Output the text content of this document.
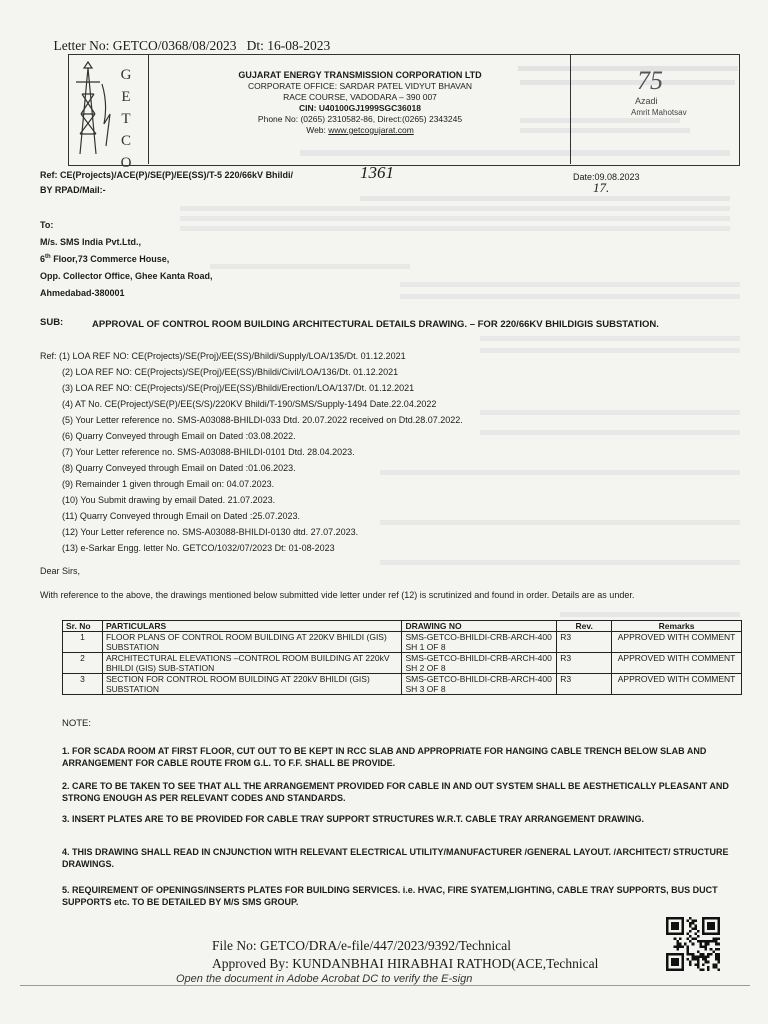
Letter No: GETCO/0368/08/2023 Dt: 16-08-2023

G
E
T
C
O
GUJARAT ENERGY TRANSMISSION CORPORATION LTD
CORPORATE OFFICE: SARDAR PATEL VIDYUT BHAVAN
RACE COURSE, VADODARA – 390 007
CIN: U40100GJ1999SGC36018
Phone No: (0265) 2310582-86, Direct:(0265) 2343245
Web: www.getcogujarat.com
75
Azadi
Amrit Mahotsav
Ref: CE(Projects)/ACE(P)/SE(P)/EE(SS)/T-5 220/66kV Bhildi/	1361	Date:09.08.2023
17.
BY RPAD/Mail:-
To:
M/s. SMS India Pvt.Ltd.,
6th Floor,73 Commerce House,
Opp. Collector Office, Ghee Kanta Road,
Ahmedabad-380001
SUB:	APPROVAL OF CONTROL ROOM BUILDING ARCHITECTURAL DETAILS DRAWING. – FOR 220/66KV BHILDIGIS SUBSTATION.
Ref: (1) LOA REF NO: CE(Projects)/SE(Proj)/EE(SS)/Bhildi/Supply/LOA/135/Dt. 01.12.2021
(2) LOA REF NO: CE(Projects)/SE(Proj)/EE(SS)/Bhildi/Civil/LOA/136/Dt. 01.12.2021
(3) LOA REF NO: CE(Projects)/SE(Proj)/EE(SS)/Bhildi/Erection/LOA/137/Dt. 01.12.2021
(4) AT No. CE(Project)/SE(P)/EE(S/S)/220KV Bhildi/T-190/SMS/Supply-1494 Date.22.04.2022
(5) Your Letter reference no. SMS-A03088-BHILDI-033 Dtd. 20.07.2022 received on Dtd.28.07.2022.
(6) Quarry Conveyed through Email on Dated :03.08.2022.
(7) Your Letter reference no. SMS-A03088-BHILDI-0101 Dtd. 28.04.2023.
(8) Quarry Conveyed through Email on Dated :01.06.2023.
(9) Remainder 1 given through Email on: 04.07.2023.
(10) You Submit drawing by email Dated. 21.07.2023.
(11) Quarry Conveyed through Email on Dated :25.07.2023.
(12) Your Letter reference no. SMS-A03088-BHILDI-0130 dtd. 27.07.2023.
(13) e-Sarkar Engg. letter No. GETCO/1032/07/2023 Dt: 01-08-2023
Dear Sirs,
With reference to the above, the drawings mentioned below submitted vide letter under ref (12) is scrutinized and found in order. Details are as under.
Sr. No	PARTICULARS	DRAWING NO	Rev.	Remarks
1	FLOOR PLANS OF CONTROL ROOM BUILDING AT 220KV BHILDI (GIS) SUBSTATION	SMS-GETCO-BHILDI-CRB-ARCH-400 SH 1 OF 8	R3	APPROVED WITH COMMENT
2	ARCHITECTURAL ELEVATIONS –CONTROL ROOM BUILDING AT 220kV BHILDI (GIS) SUB-STATION	SMS-GETCO-BHILDI-CRB-ARCH-400 SH 2 OF 8	R3	APPROVED WITH COMMENT
3	SECTION FOR CONTROL ROOM BUILDING AT 220kV BHILDI (GIS) SUBSTATION	SMS-GETCO-BHILDI-CRB-ARCH-400 SH 3 OF 8	R3	APPROVED WITH COMMENT
NOTE:
1. FOR SCADA ROOM AT FIRST FLOOR, CUT OUT TO BE KEPT IN RCC SLAB AND APPROPRIATE FOR HANGING CABLE TRENCH BELOW SLAB AND ARRANGEMENT FOR CABLE ROUTE FROM G.L. TO F.F. SHALL BE PROVIDE.
2. CARE TO BE TAKEN TO SEE THAT ALL THE ARRANGEMENT PROVIDED FOR CABLE IN AND OUT SYSTEM SHALL BE AESTHETICALLY PLEASANT AND STRONG ENOUGH AS PER RELEVANT CODES AND STANDARDS.
3. INSERT PLATES ARE TO BE PROVIDED FOR CABLE TRAY SUPPORT STRUCTURES W.R.T. CABLE TRAY ARRANGEMENT DRAWING.
4. THIS DRAWING SHALL READ IN CNJUNCTION WITH RELEVANT ELECTRICAL UTILITY/MANUFACTURER /GENERAL LAYOUT. /ARCHITECT/ STRUCTURE DRAWINGS.
5. REQUIREMENT OF OPENINGS/INSERTS PLATES FOR BUILDING SERVICES. i.e. HVAC, FIRE SYATEM,LIGHTING, CABLE TRAY SUPPORTS, BUS DUCT SUPPORTS etc. TO BE DETAILED BY M/S SMS GROUP.
File No: GETCO/DRA/e-file/447/2023/9392/Technical
Approved By: KUNDANBHAI HIRABHAI RATHOD(ACE,Technical
Open the document in Adobe Acrobat DC to verify the E-sign
